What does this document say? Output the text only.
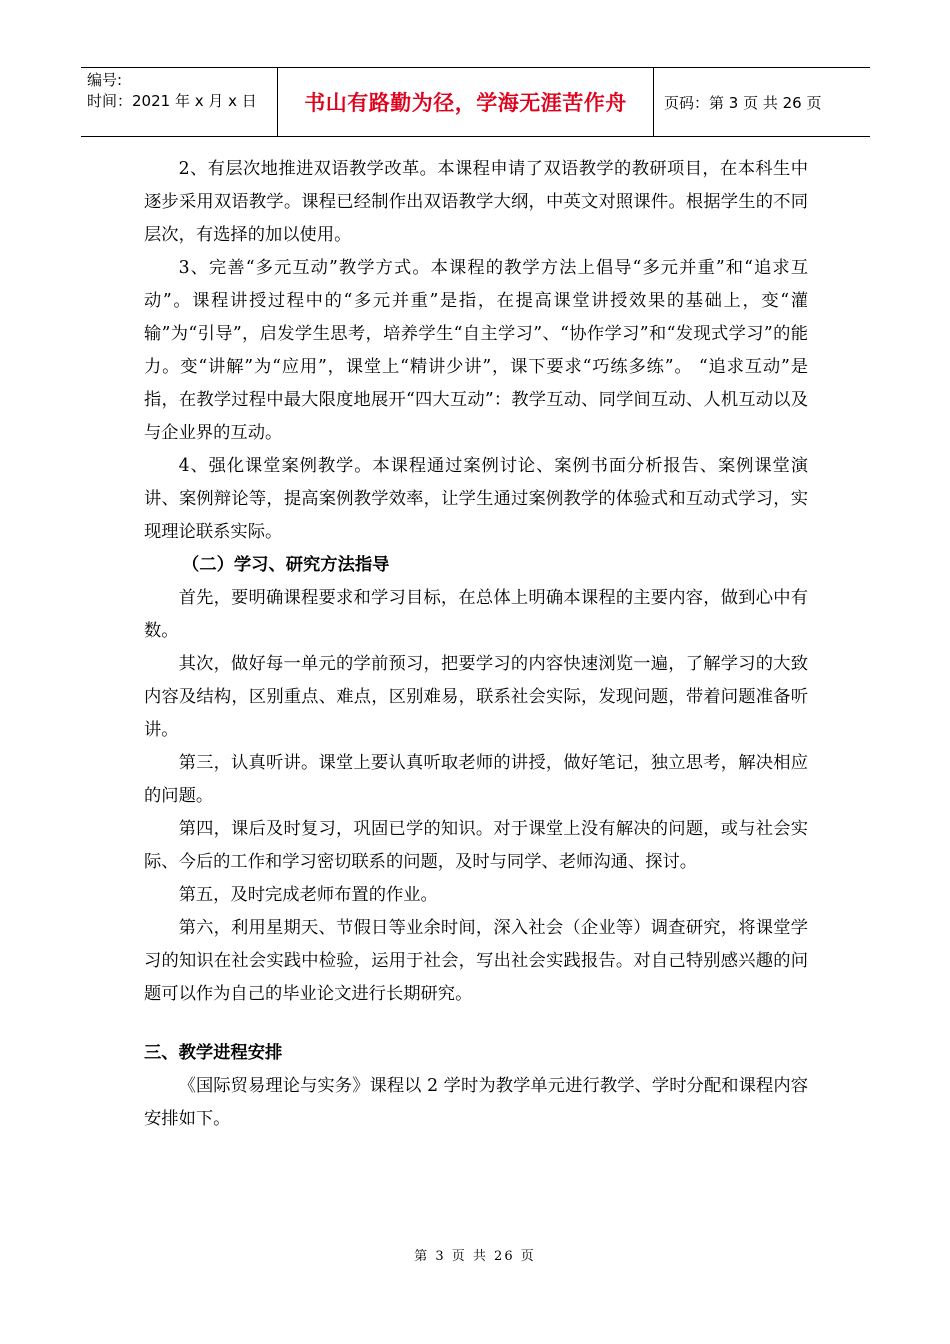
编号:
时间：2021 年 x 月 x 日	书山有路勤为径，学海无涯苦作舟 页码：第 3 页 共 26 页

2、有层次地推进双语教学改革。本课程申请了双语教学的教研项目，在本科生中逐步采用双语教学。课程已经制作出双语教学大纲，中英文对照课件。根据学生的不同层次，有选择的加以使用。

3、完善“多元互动”教学方式。本课程的教学方法上倡导“多元并重”和“追求互动”。课程讲授过程中的“多元并重”是指，在提高课堂讲授效果的基础上，变“灌输”为“引导”，启发学生思考，培养学生“自主学习”、“协作学习”和“发现式学习”的能力。变“讲解”为“应用”，课堂上“精讲少讲”，课下要求“巧练多练”。 “追求互动”是指，在教学过程中最大限度地展开“四大互动”：教学互动、同学间互动、人机互动以及与企业界的互动。

4、强化课堂案例教学。本课程通过案例讨论、案例书面分析报告、案例课堂演讲、案例辩论等，提高案例教学效率，让学生通过案例教学的体验式和互动式学习，实现理论联系实际。

（二）学习、研究方法指导

首先，要明确课程要求和学习目标，在总体上明确本课程的主要内容，做到心中有数。

其次，做好每一单元的学前预习，把要学习的内容快速浏览一遍，了解学习的大致内容及结构，区别重点、难点，区别难易，联系社会实际，发现问题，带着问题准备听讲。

第三，认真听讲。课堂上要认真听取老师的讲授，做好笔记，独立思考，解决相应的问题。

第四，课后及时复习，巩固已学的知识。对于课堂上没有解决的问题，或与社会实际、今后的工作和学习密切联系的问题，及时与同学、老师沟通、探讨。

第五，及时完成老师布置的作业。

第六，利用星期天、节假日等业余时间，深入社会（企业等）调查研究，将课堂学习的知识在社会实践中检验，运用于社会，写出社会实践报告。对自己特别感兴趣的问题可以作为自己的毕业论文进行长期研究。

三、教学进程安排

《国际贸易理论与实务》课程以 2 学时为教学单元进行教学、学时分配和课程内容安排如下。

第 3 页 共 26 页
